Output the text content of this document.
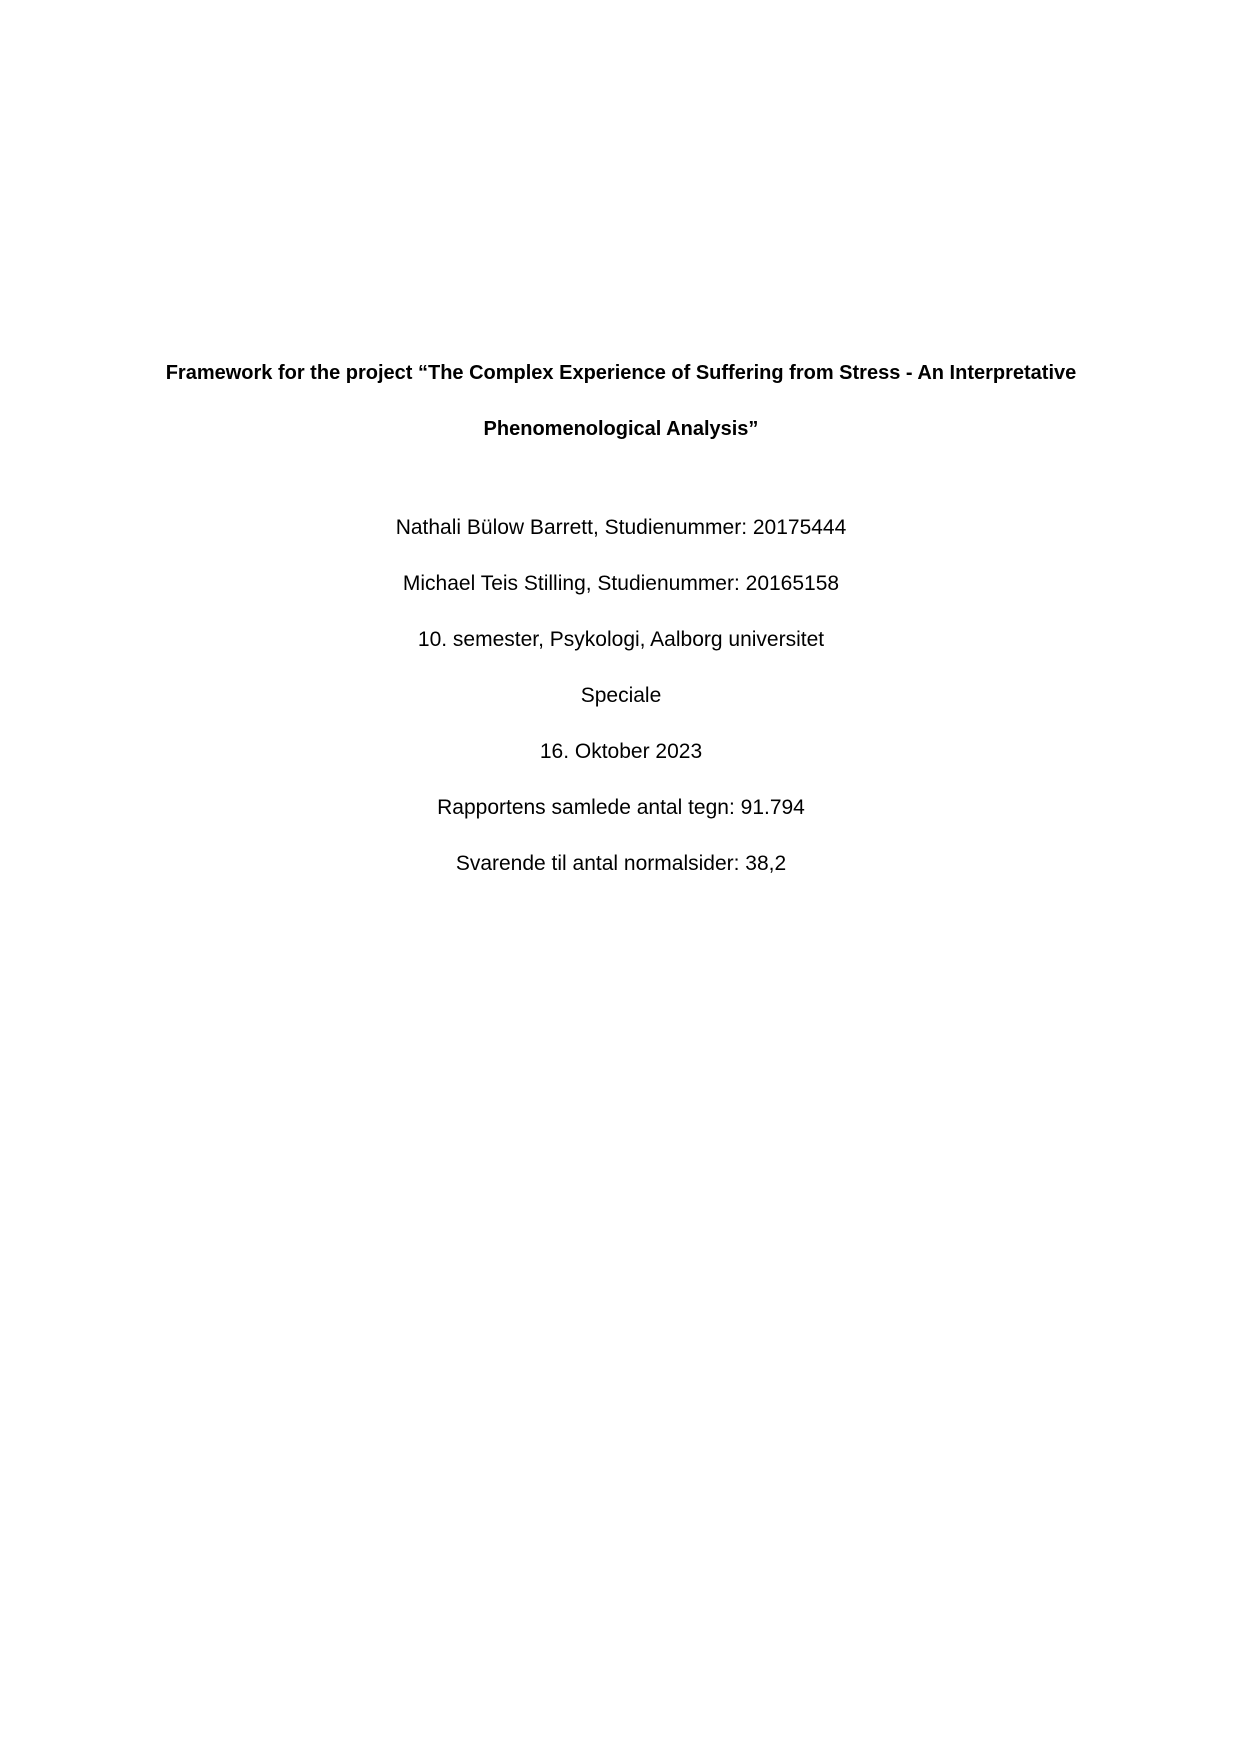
Framework for the project “The Complex Experience of Suffering from Stress - An Interpretative
Phenomenological Analysis”
Nathali Bülow Barrett, Studienummer: 20175444
Michael Teis Stilling, Studienummer: 20165158
10. semester, Psykologi, Aalborg universitet
Speciale
16. Oktober 2023
Rapportens samlede antal tegn: 91.794
Svarende til antal normalsider: 38,2
